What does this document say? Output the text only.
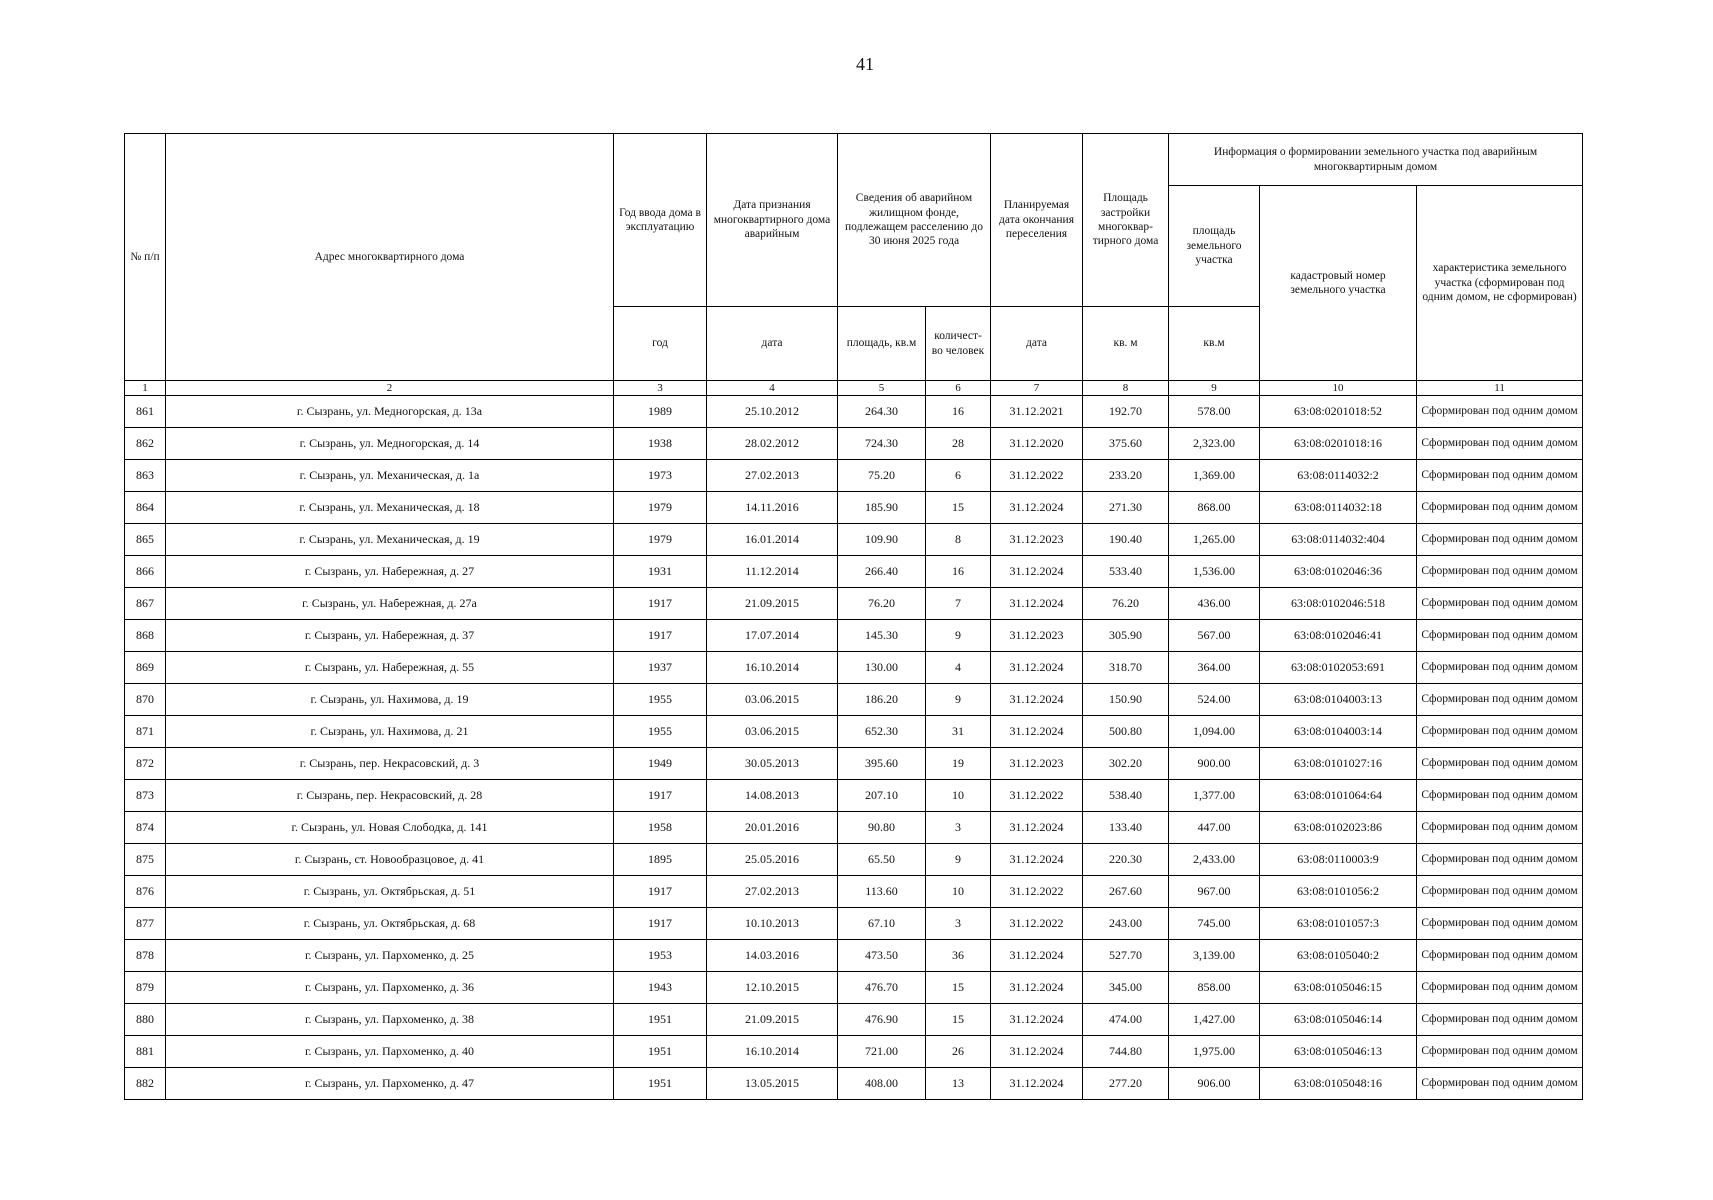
41
№ п/п	Адрес многоквартирного дома	Год ввода дома в эксплуатацию	Дата признания многоквартирного дома аварийным	Сведения об аварийном жилищном фонде, подлежащем расселению до 30 июня 2025 года		Планируемая дата окончания переселения	Площадь застройки многоквар-тирного дома	Информация о формировании земельного участка под аварийным многоквартирным домом		
								площадь земельного участка	кадастровый номер земельного участка	характеристика земельного участка (сформирован под одним домом, не сформирован)
		год	дата	площадь, кв.м	количест-во человек	дата	кв. м	кв.м		
1	2	3	4	5	6	7	8	9	10	11
861	г. Сызрань, ул. Медногорская, д. 13а	1989	25.10.2012	264.30	16	31.12.2021	192.70	578.00	63:08:0201018:52	Сформирован под одним домом
862	г. Сызрань, ул. Медногорская, д. 14	1938	28.02.2012	724.30	28	31.12.2020	375.60	2,323.00	63:08:0201018:16	Сформирован под одним домом
863	г. Сызрань, ул. Механическая, д. 1а	1973	27.02.2013	75.20	6	31.12.2022	233.20	1,369.00	63:08:0114032:2	Сформирован под одним домом
864	г. Сызрань, ул. Механическая, д. 18	1979	14.11.2016	185.90	15	31.12.2024	271.30	868.00	63:08:0114032:18	Сформирован под одним домом
865	г. Сызрань, ул. Механическая, д. 19	1979	16.01.2014	109.90	8	31.12.2023	190.40	1,265.00	63:08:0114032:404	Сформирован под одним домом
866	г. Сызрань, ул. Набережная, д. 27	1931	11.12.2014	266.40	16	31.12.2024	533.40	1,536.00	63:08:0102046:36	Сформирован под одним домом
867	г. Сызрань, ул. Набережная, д. 27а	1917	21.09.2015	76.20	7	31.12.2024	76.20	436.00	63:08:0102046:518	Сформирован под одним домом
868	г. Сызрань, ул. Набережная, д. 37	1917	17.07.2014	145.30	9	31.12.2023	305.90	567.00	63:08:0102046:41	Сформирован под одним домом
869	г. Сызрань, ул. Набережная, д. 55	1937	16.10.2014	130.00	4	31.12.2024	318.70	364.00	63:08:0102053:691	Сформирован под одним домом
870	г. Сызрань, ул. Нахимова, д. 19	1955	03.06.2015	186.20	9	31.12.2024	150.90	524.00	63:08:0104003:13	Сформирован под одним домом
871	г. Сызрань, ул. Нахимова, д. 21	1955	03.06.2015	652.30	31	31.12.2024	500.80	1,094.00	63:08:0104003:14	Сформирован под одним домом
872	г. Сызрань, пер. Некрасовский, д. 3	1949	30.05.2013	395.60	19	31.12.2023	302.20	900.00	63:08:0101027:16	Сформирован под одним домом
873	г. Сызрань, пер. Некрасовский, д. 28	1917	14.08.2013	207.10	10	31.12.2022	538.40	1,377.00	63:08:0101064:64	Сформирован под одним домом
874	г. Сызрань, ул. Новая Слободка, д. 141	1958	20.01.2016	90.80	3	31.12.2024	133.40	447.00	63:08:0102023:86	Сформирован под одним домом
875	г. Сызрань, ст. Новообразцовое, д. 41	1895	25.05.2016	65.50	9	31.12.2024	220.30	2,433.00	63:08:0110003:9	Сформирован под одним домом
876	г. Сызрань, ул. Октябрьская, д. 51	1917	27.02.2013	113.60	10	31.12.2022	267.60	967.00	63:08:0101056:2	Сформирован под одним домом
877	г. Сызрань, ул. Октябрьская, д. 68	1917	10.10.2013	67.10	3	31.12.2022	243.00	745.00	63:08:0101057:3	Сформирован под одним домом
878	г. Сызрань, ул. Пархоменко, д. 25	1953	14.03.2016	473.50	36	31.12.2024	527.70	3,139.00	63:08:0105040:2	Сформирован под одним домом
879	г. Сызрань, ул. Пархоменко, д. 36	1943	12.10.2015	476.70	15	31.12.2024	345.00	858.00	63:08:0105046:15	Сформирован под одним домом
880	г. Сызрань, ул. Пархоменко, д. 38	1951	21.09.2015	476.90	15	31.12.2024	474.00	1,427.00	63:08:0105046:14	Сформирован под одним домом
881	г. Сызрань, ул. Пархоменко, д. 40	1951	16.10.2014	721.00	26	31.12.2024	744.80	1,975.00	63:08:0105046:13	Сформирован под одним домом
882	г. Сызрань, ул. Пархоменко, д. 47	1951	13.05.2015	408.00	13	31.12.2024	277.20	906.00	63:08:0105048:16	Сформирован под одним домом
